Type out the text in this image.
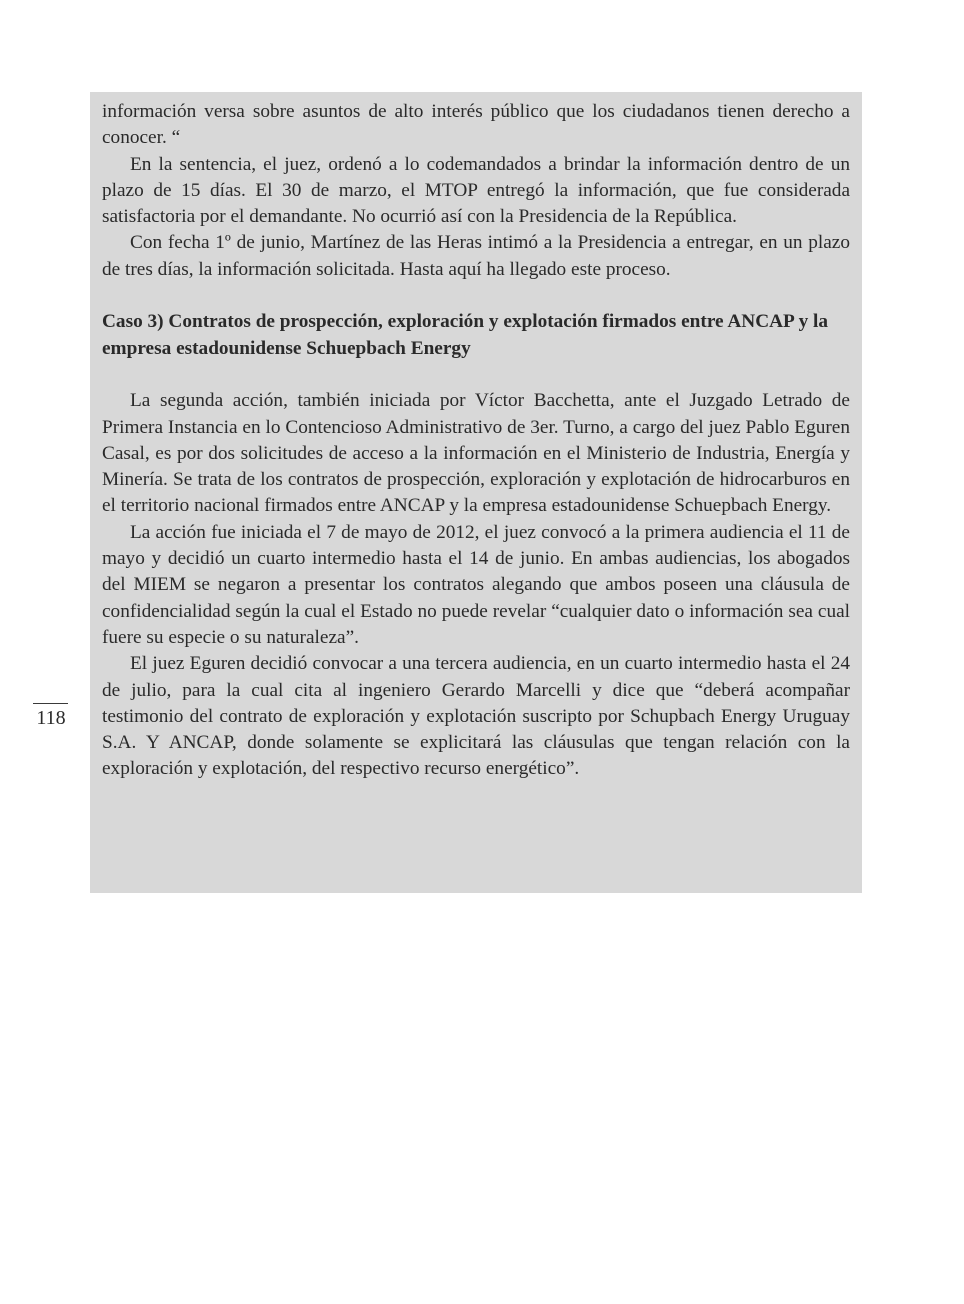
información versa sobre asuntos de alto interés público que los ciudadanos tienen derecho a conocer. “

En la sentencia, el juez, ordenó a lo codemandados a brindar la información dentro de un plazo de 15 días. El 30 de marzo, el MTOP entregó la información, que fue considerada satisfactoria por el demandante. No ocurrió así con la Presidencia de la República.

Con fecha 1º de junio, Martínez de las Heras intimó a la Presidencia a entregar, en un plazo de tres días, la información solicitada. Hasta aquí ha llegado este proceso.

Caso 3) Contratos de prospección, exploración y explotación firmados entre ANCAP y la empresa estadounidense Schuepbach Energy

La segunda acción, también iniciada por Víctor Bacchetta, ante el Juzgado Letrado de Primera Instancia en lo Contencioso Administrativo de 3er. Turno, a cargo del juez Pablo Eguren Casal, es por dos solicitudes de acceso a la información en el Ministerio de Industria, Energía y Minería. Se trata de los contratos de prospección, exploración y explotación de hidrocarburos en el territorio nacional firmados entre ANCAP y la empresa estadounidense Schuepbach Energy.

La acción fue iniciada el 7 de mayo de 2012, el juez convocó a la primera audiencia el 11 de mayo y decidió un cuarto intermedio hasta el 14 de junio. En ambas audiencias, los abogados del MIEM se negaron a presentar los contratos alegando que ambos poseen una cláusula de confidencialidad según la cual el Estado no puede revelar “cualquier dato o información sea cual fuere su especie o su naturaleza”.

El juez Eguren decidió convocar a una tercera audiencia, en un cuarto intermedio hasta el 24 de julio, para la cual cita al ingeniero Gerardo Marcelli y dice que “deberá acompañar testimonio del contrato de exploración y explotación suscripto por Schupbach Energy Uruguay S.A. Y ANCAP, donde solamente se explicitará las cláusulas que tengan relación con la exploración y explotación, del respectivo recurso energético”.

118
